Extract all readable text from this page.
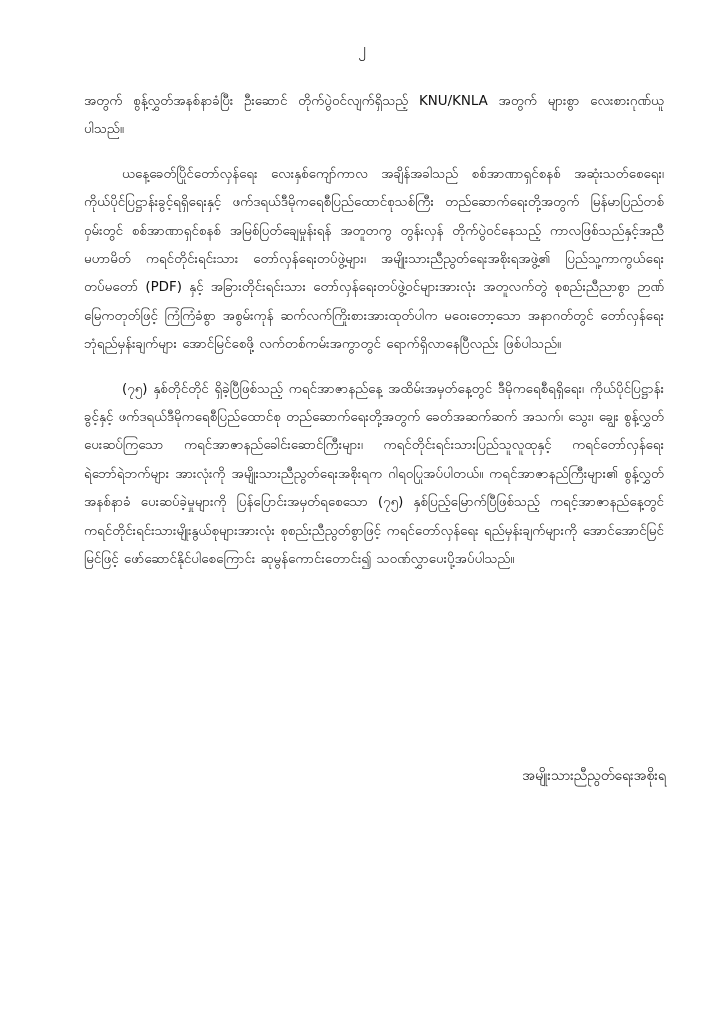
၂

အတွက် စွန့်လွှတ်အနစ်နာခံပြီး ဦးဆောင် တိုက်ပွဲဝင်လျက်ရှိသည့် KNU/KNLA အတွက် များစွာ လေးစားဂုဏ်ယူပါသည်။

ယနေ့ခေတ်ပြိုင်တော်လှန်ရေး လေးနှစ်ကျော်ကာလ အချိန်အခါသည် စစ်အာဏာရှင်စနစ် အဆုံးသတ်စေရေး၊ ကိုယ်ပိုင်ပြဋ္ဌာန်းခွင့်ရရှိရေးနှင့် ဖက်ဒရယ်ဒီမိုကရေစီပြည်ထောင်စုသစ်ကြီး တည်ဆောက်ရေးတို့အတွက် မြန်မာပြည်တစ်ဝှမ်းတွင် စစ်အာဏာရှင်စနစ် အမြစ်ပြတ်ချေမှုန်းရန် အတူတကွ တွန်းလှန် တိုက်ပွဲဝင်နေသည့် ကာလဖြစ်သည်နှင့်အညီ မဟာမိတ် ကရင်တိုင်းရင်းသား တော်လှန်ရေးတပ်ဖွဲ့များ၊ အမျိုးသားညီညွတ်ရေးအစိုးရအဖွဲ့၏ ပြည်သူ့ကာကွယ်ရေးတပ်မတော် (PDF) နှင့် အခြားတိုင်းရင်းသား တော်လှန်ရေးတပ်ဖွဲ့ဝင်များအားလုံး အတူလက်တွဲ စုစည်းညီညာစွာ ဉာဏ်မြေကတုတ်ဖြင့် ကြံကြံခံစွာ အစွမ်းကုန် ဆက်လက်ကြိုးစားအားထုတ်ပါက မဝေးတော့သော အနာဂတ်တွင် တော်လှန်ရေးဘုံရည်မှန်းချက်များ အောင်မြင်စေဖို့ လက်တစ်ကမ်းအကွာတွင် ရောက်ရှိလာနေပြီလည်း ဖြစ်ပါသည်။

(၇၅) နှစ်တိုင်တိုင် ရှိခဲ့ပြီဖြစ်သည့် ကရင်အာဇာနည်နေ့ အထိမ်းအမှတ်နေ့တွင် ဒီမိုကရေစီရရှိရေး၊ ကိုယ်ပိုင်ပြဋ္ဌာန်းခွင့်နှင့် ဖက်ဒရယ်ဒီမိုကရေစီပြည်ထောင်စု တည်ဆောက်ရေးတို့အတွက် ခေတ်အဆက်ဆက် အသက်၊ သွေး၊ ချွေး စွန့်လွှတ်ပေးဆပ်ကြသော ကရင်အာဇာနည်ခေါင်းဆောင်ကြီးများ၊ ကရင်တိုင်းရင်းသားပြည်သူလူထုနှင့် ကရင်တော်လှန်ရေးရဲဘော်ရဲဘက်များ အားလုံးကို အမျိုးသားညီညွတ်ရေးအစိုးရက ဂါရဝပြုအပ်ပါတယ်။ ကရင်အာဇာနည်ကြီးများ၏ စွန့်လွှတ် အနစ်နာခံ ပေးဆပ်ခဲ့မှုများကို ပြန်ပြောင်းအမှတ်ရစေသော (၇၅) နှစ်ပြည့်မြောက်ပြီဖြစ်သည့် ကရင့်အာဇာနည်နေ့တွင် ကရင်တိုင်းရင်းသားမျိုးနွယ်စုများအားလုံး စုစည်းညီညွတ်စွာဖြင့် ကရင်တော်လှန်ရေး ရည်မှန်းချက်များကို အောင်အောင်မြင်မြင်ဖြင့် ဖော်ဆောင်နိုင်ပါစေကြောင်း ဆုမွန်ကောင်းတောင်း၍ သဝဏ်လွှာပေးပို့အပ်ပါသည်။

အမျိုးသားညီညွတ်ရေးအစိုးရ
